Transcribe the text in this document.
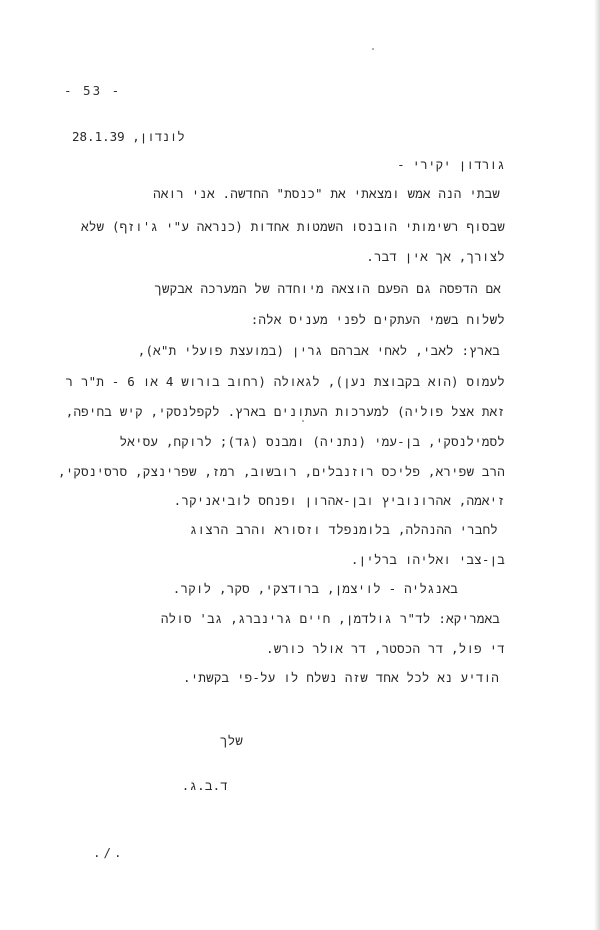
- 53 -
לונדון, 28.1.39
גורדון יקירי -
שבתי הנה אמש ומצאתי את "כנסת" החדשה. אני רואה
שבסוף רשימותי הובנסו השמטות אחדות (כנראה ע"י ג'וזף) שלא
לצורך, אך אין דבר.
אם הדפסה גם הפעם הוצאה מיוחדה של המערכה אבקשך
לשלוח בשמי העתקים לפני מעניס אלה:
בארץ: לאבי, לאחי אברהם גרין (במועצת פועלי ת"א),
לעמוס (הוא בקבוצת נען), לגאולה (רחוב בורוש 4 או 6 - ת"ר ר
זאת אצל פוליה) למערכות העתונים בארץ. לקפלנסקי, קיש בחיפה,
לסמילנסקי, בן-עמי (נתניה) ומבנס (גד); לרוקח, עסיאל
הרב שפירא, פליכס רוזנבלים, רובשוב, רמז, שפרינצק, סרסינסקי,
זיאמה, אהרונוביץ ובן-אהרון ופנחס לוביאניקר.
לחברי ההנהלה, בלומנפלד וזסורא והרב הרצוג
בן-צבי ואליהו ברלין.
באנגליה - לויצמן, ברודצקי, סקר, לוקר.
באמריקא: לד"ר גולדמן, חיים גרינברג, גב' סולה
די פול, דר הכסטר, דר אולר כורש.
הודיע נא לכל אחד שזה נשלח לו על-פי בקשתי.
שלך
ד.ב.ג.
./.
